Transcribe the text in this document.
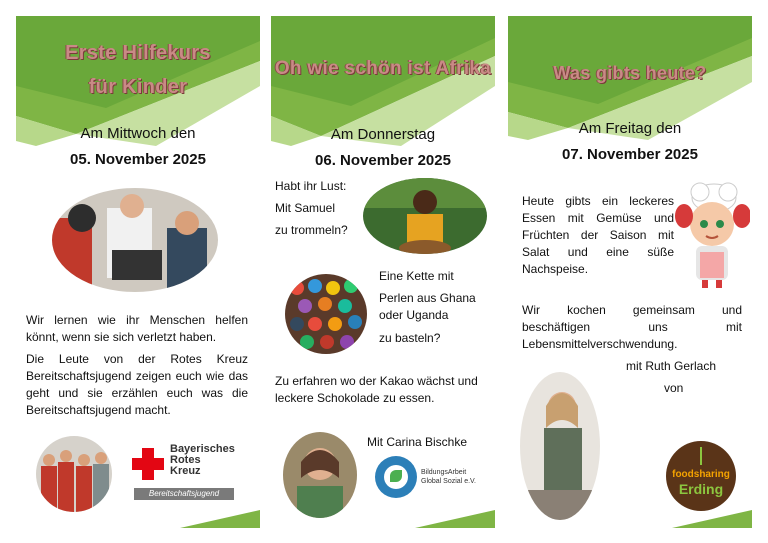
Erste Hilfekurs
für Kinder
Am Mittwoch den
05. November 2025
Wir lernen wie ihr Menschen helfen könnt, wenn sie sich verletzt haben.
Die Leute von der Rotes Kreuz Bereitschaftsjugend zeigen euch wie das geht und sie erzählen euch was die Bereitschaftsjugend macht.
Bayerisches
Rotes
Kreuz
Bereitschaftsjugend
Oh wie schön ist Afrika
Am Donnerstag
06. November 2025
Habt ihr Lust:
Mit Samuel
zu trommeln?
Eine Kette mit
Perlen aus Ghana oder Uganda
zu basteln?
Zu erfahren wo der Kakao wächst und leckere Schokolade zu essen.
Mit Carina Bischke
BildungsArbeit
Global Sozial e.V.
Was gibts heute?
Am Freitag den
07. November 2025
Heute gibts ein leckeres Essen mit Gemüse und Früchten der Saison mit Salat und eine süße Nachspeise.
Wir kochen gemeinsam und beschäftigen uns mit Lebensmittelverschwendung.
mit Ruth Gerlach
von
foodsharing
Erding
